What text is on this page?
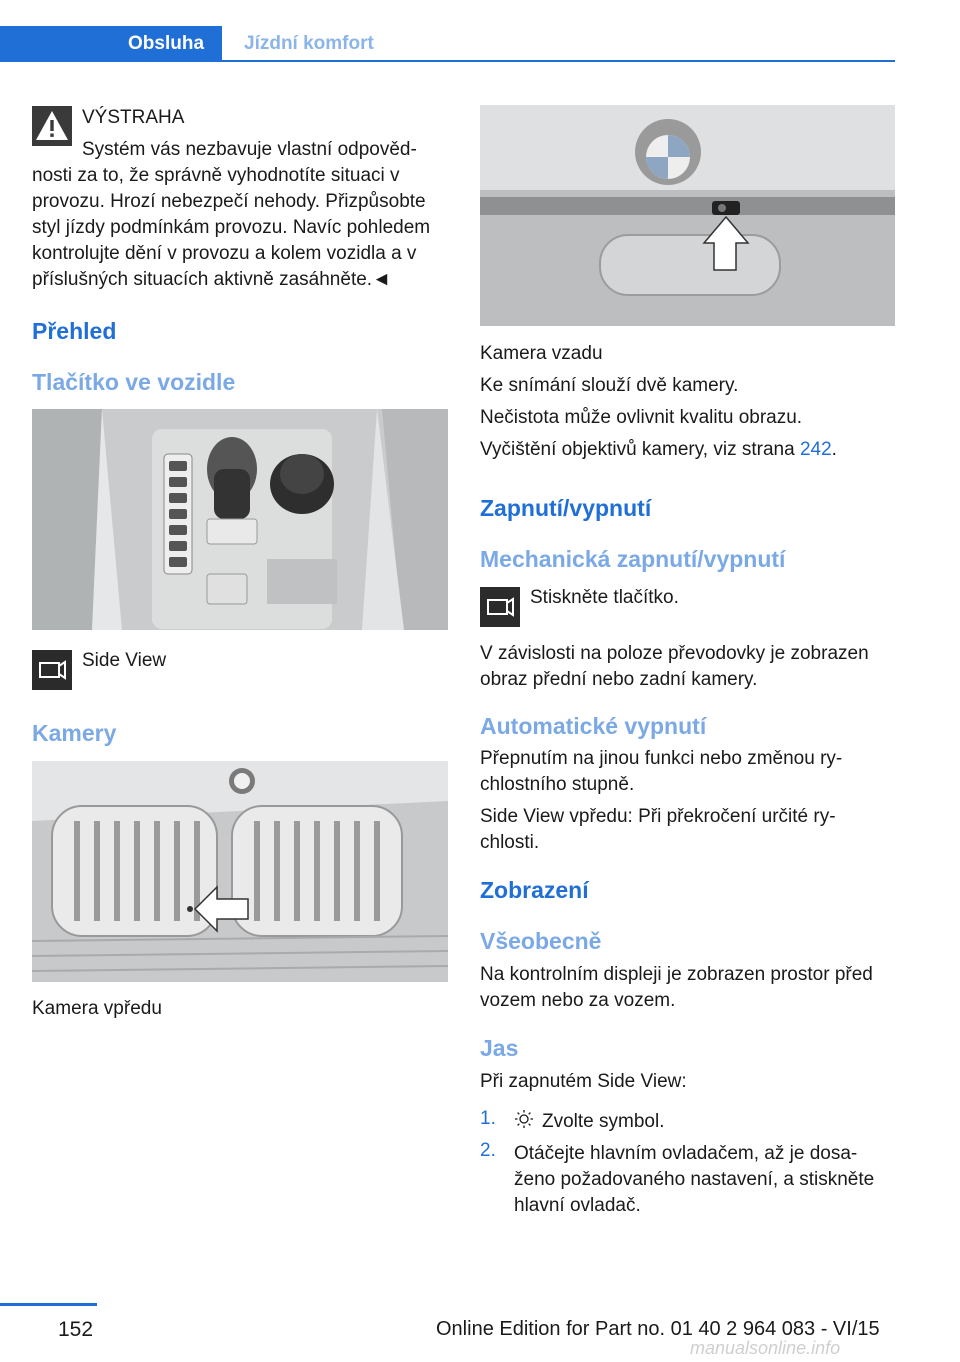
Obsluha	Jízdní komfort
VÝSTRAHA
Systém vás nezbavuje vlastní odpověd‐
nosti za to, že správně vyhodnotíte situaci v
provozu. Hrozí nebezpečí nehody. Přizpůsobte
styl jízdy podmínkám provozu. Navíc pohledem
kontrolujte dění v provozu a kolem vozidla a v
příslušných situacích aktivně zasáhněte.◄
Přehled
Tlačítko ve vozidle
Side View
Kamery
Kamera vpředu
Kamera vzadu
Ke snímání slouží dvě kamery.
Nečistota může ovlivnit kvalitu obrazu.
Vyčištění objektivů kamery, viz strana 242.
Zapnutí/vypnutí
Mechanická zapnutí/vypnutí
Stiskněte tlačítko.
V závislosti na poloze převodovky je zobrazen
obraz přední nebo zadní kamery.
Automatické vypnutí
Přepnutím na jinou funkci nebo změnou ry‐
chlostního stupně.
Side View vpředu: Při překročení určité ry‐
chlosti.
Zobrazení
Všeobecně
Na kontrolním displeji je zobrazen prostor před
vozem nebo za vozem.
Jas
Při zapnutém Side View:
1. Zvolte symbol.
2. Otáčejte hlavním ovladačem, až je dosa‐
ženo požadovaného nastavení, a stiskněte
hlavní ovladač.
152	Online Edition for Part no. 01 40 2 964 083 - VI/15
manualsonline.info
